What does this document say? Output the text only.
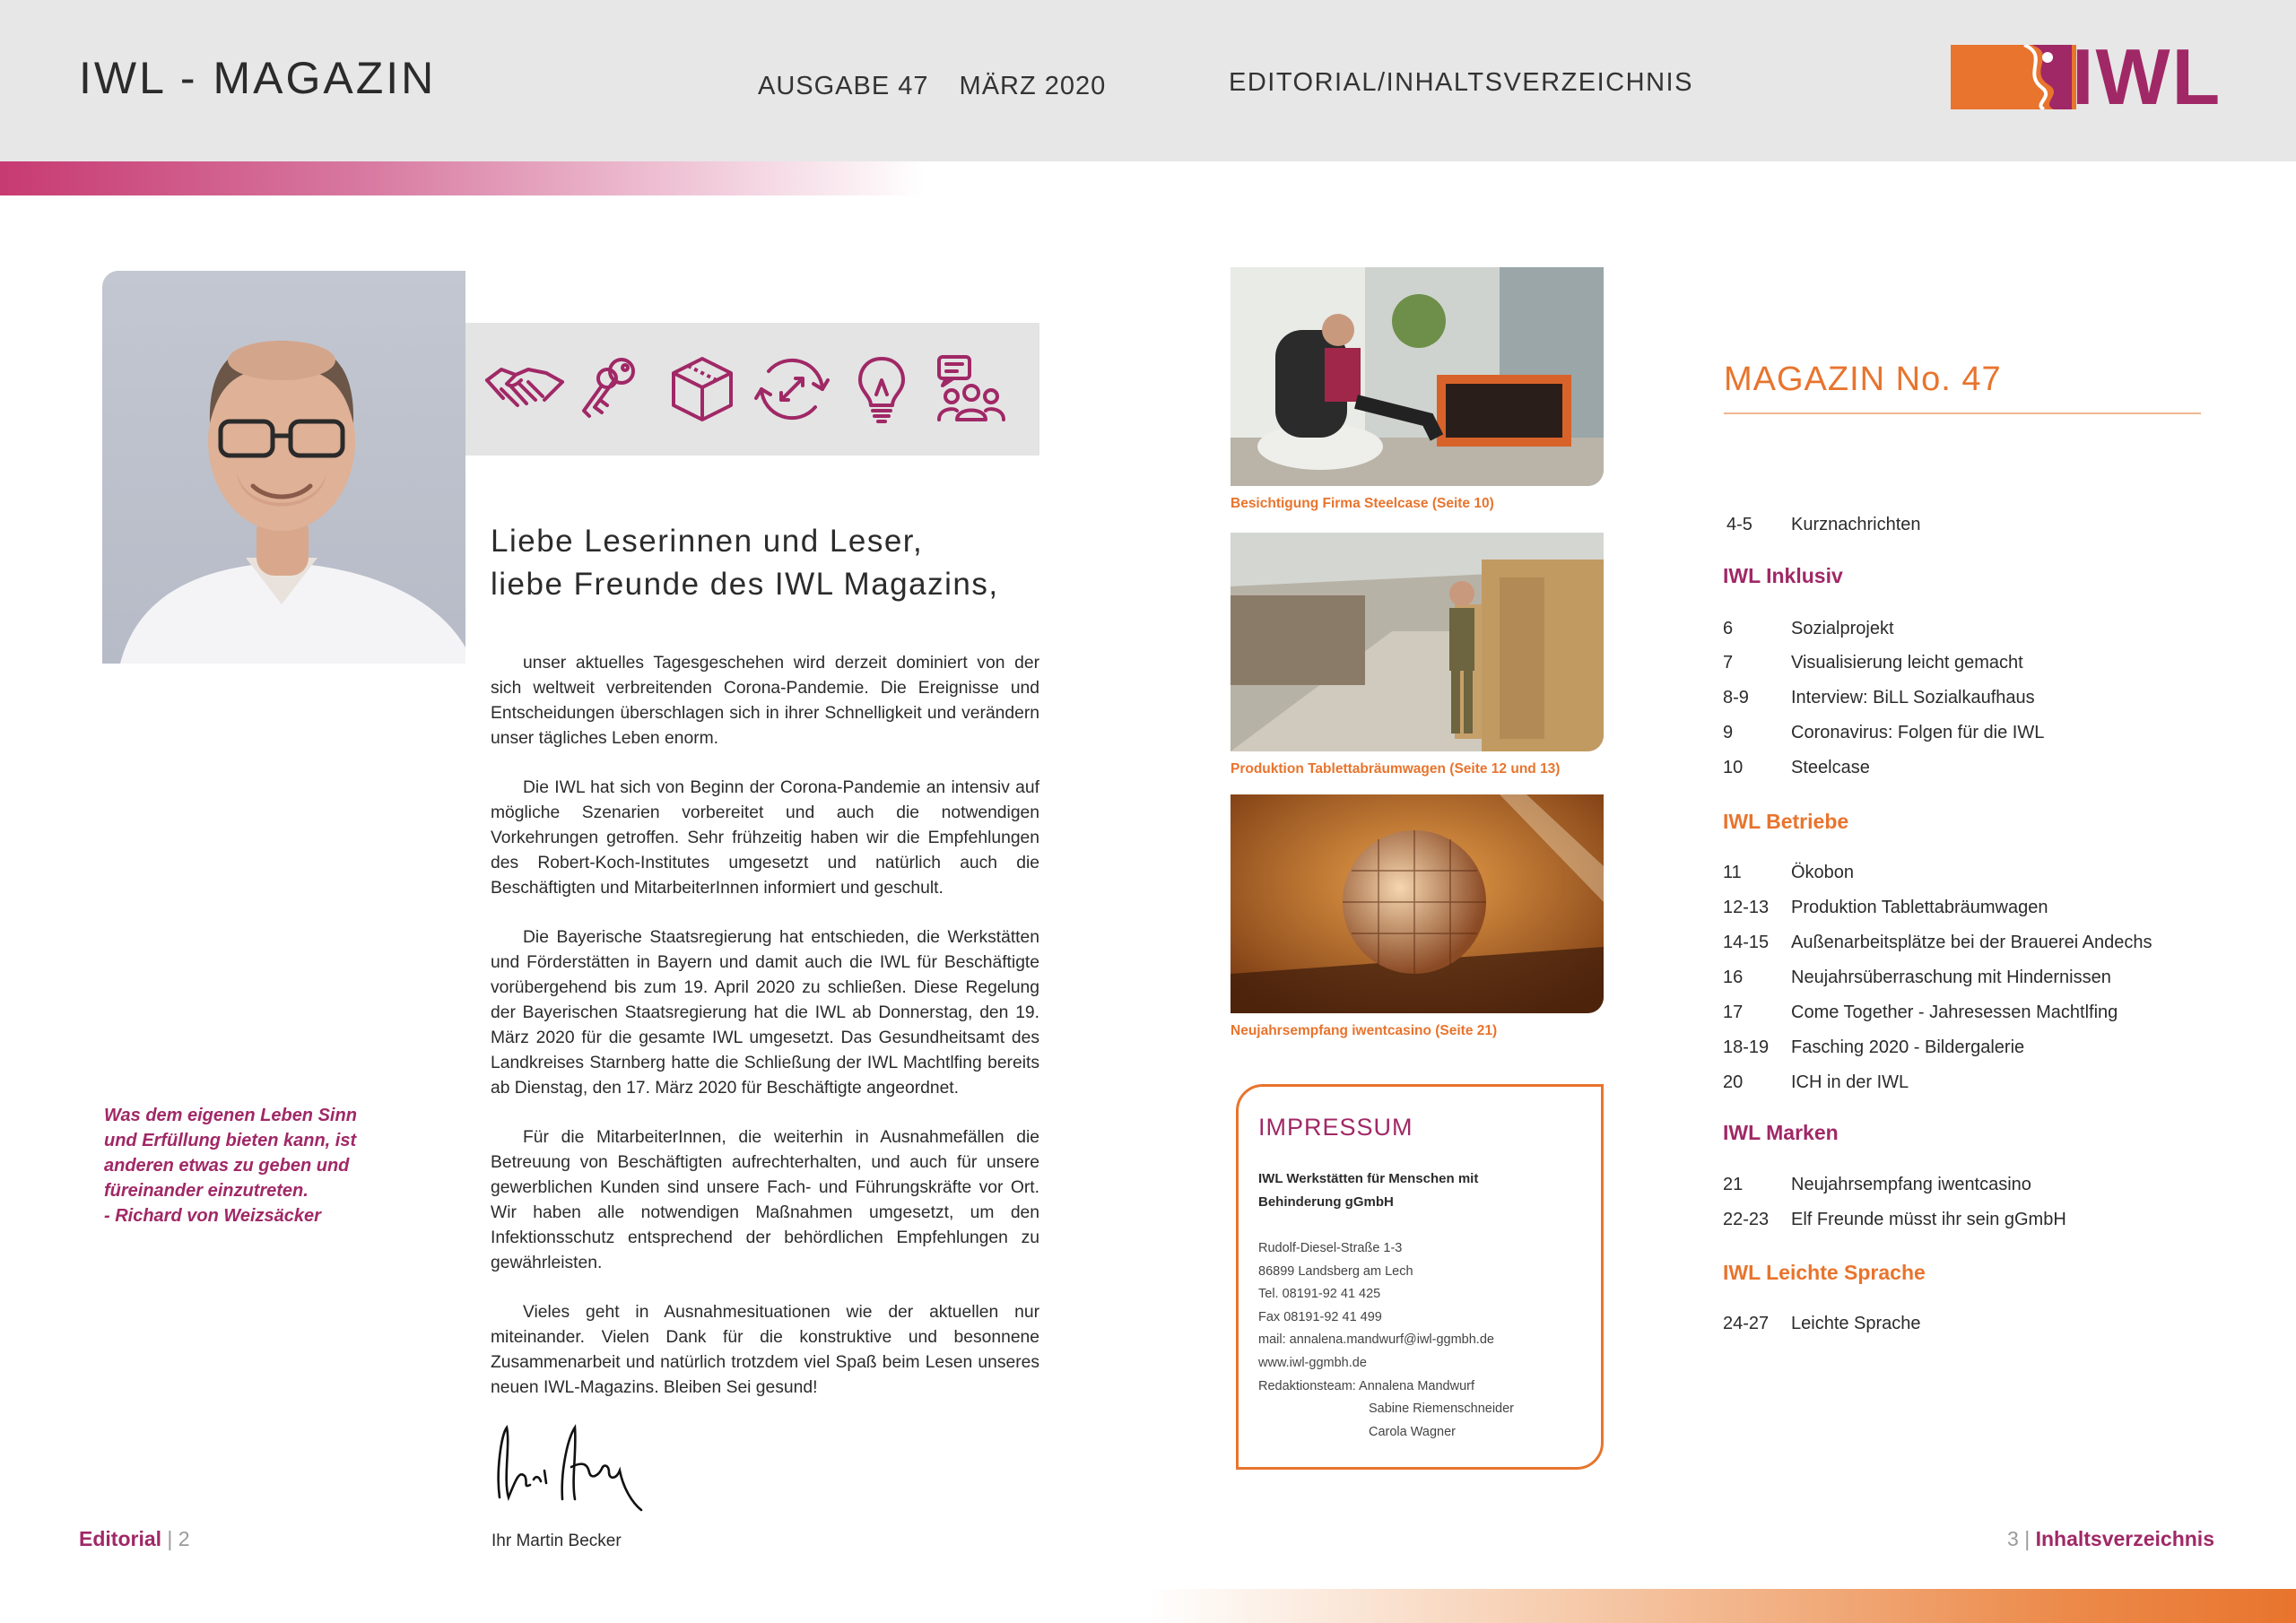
IWL - MAGAZIN	AUSGABE 47 MÄRZ 2020	EDITORIAL/INHALTSVERZEICHNIS	IWL
Liebe Leserinnen und Leser,
liebe Freunde des IWL Magazins,

unser aktuelles Tagesgeschehen wird derzeit dominiert von der sich weltweit verbreitenden Corona-Pandemie. Die Ereignisse und Entscheidungen überschlagen sich in ihrer Schnelligkeit und verändern unser tägliches Leben enorm.

Die IWL hat sich von Beginn der Corona-Pandemie an intensiv auf mögliche Szenarien vorbereitet und auch die notwendigen Vorkehrungen getroffen. Sehr frühzeitig haben wir die Empfehlungen des Robert-Koch-Institutes umgesetzt und natürlich auch die Beschäftigten und MitarbeiterInnen informiert und geschult.

Die Bayerische Staatsregierung hat entschieden, die Werkstätten und Förderstätten in Bayern und damit auch die IWL für Beschäftigte vorübergehend bis zum 19. April 2020 zu schließen. Diese Regelung der Bayerischen Staatsregierung hat die IWL ab Donnerstag, den 19. März 2020 für die gesamte IWL umgesetzt. Das Gesundheitsamt des Landkreises Starnberg hatte die Schließung der IWL Machtlfing bereits ab Dienstag, den 17. März 2020 für Beschäftigte angeordnet.

Für die MitarbeiterInnen, die weiterhin in Ausnahmefällen die Betreuung von Beschäftigten aufrechterhalten, und auch für unsere gewerblichen Kunden sind unsere Fach- und Führungskräfte vor Ort. Wir haben alle notwendigen Maßnahmen umgesetzt, um den Infektionsschutz entsprechend der behördlichen Empfehlungen zu gewährleisten.

Vieles geht in Ausnahmesituationen wie der aktuellen nur miteinander. Vielen Dank für die konstruktive und besonnene Zusammenarbeit und natürlich trotzdem viel Spaß beim Lesen unseres neuen IWL-Magazins. Bleiben Sei gesund!

Ihr Martin Becker
Was dem eigenen Leben Sinn
und Erfüllung bieten kann, ist
anderen etwas zu geben und
füreinander einzutreten.
- Richard von Weizsäcker
Editorial | 2	3 | Inhaltsverzeichnis
Besichtigung Firma Steelcase (Seite 10)
Produktion Tablettabräumwagen (Seite 12 und 13)
Neujahrsempfang iwentcasino (Seite 21)
IMPRESSUM
IWL Werkstätten für Menschen mit
Behinderung gGmbH
Rudolf-Diesel-Straße 1-3
86899 Landsberg am Lech
Tel. 08191-92 41 425
Fax 08191-92 41 499
mail: annalena.mandwurf@iwl-ggmbh.de
www.iwl-ggmbh.de
Redaktionsteam: Annalena Mandwurf
Sabine Riemenschneider
Carola Wagner
MAGAZIN No. 47
4-5 Kurznachrichten
IWL Inklusiv
6	Sozialprojekt
7	Visualisierung leicht gemacht
8-9 Interview: BiLL Sozialkaufhaus
9	Coronavirus: Folgen für die IWL
10	Steelcase
IWL Betriebe
11	Ökobon
12-13 Produktion Tablettabräumwagen
14-15 Außenarbeitsplätze bei der Brauerei Andechs
16	Neujahrsüberraschung mit Hindernissen
17	Come Together - Jahresessen Machtlfing
18-19 Fasching 2020 - Bildergalerie
20	ICH in der IWL
IWL Marken
21	Neujahrsempfang iwentcasino
22-23 Elf Freunde müsst ihr sein gGmbH
IWL Leichte Sprache
24-27 Leichte Sprache
